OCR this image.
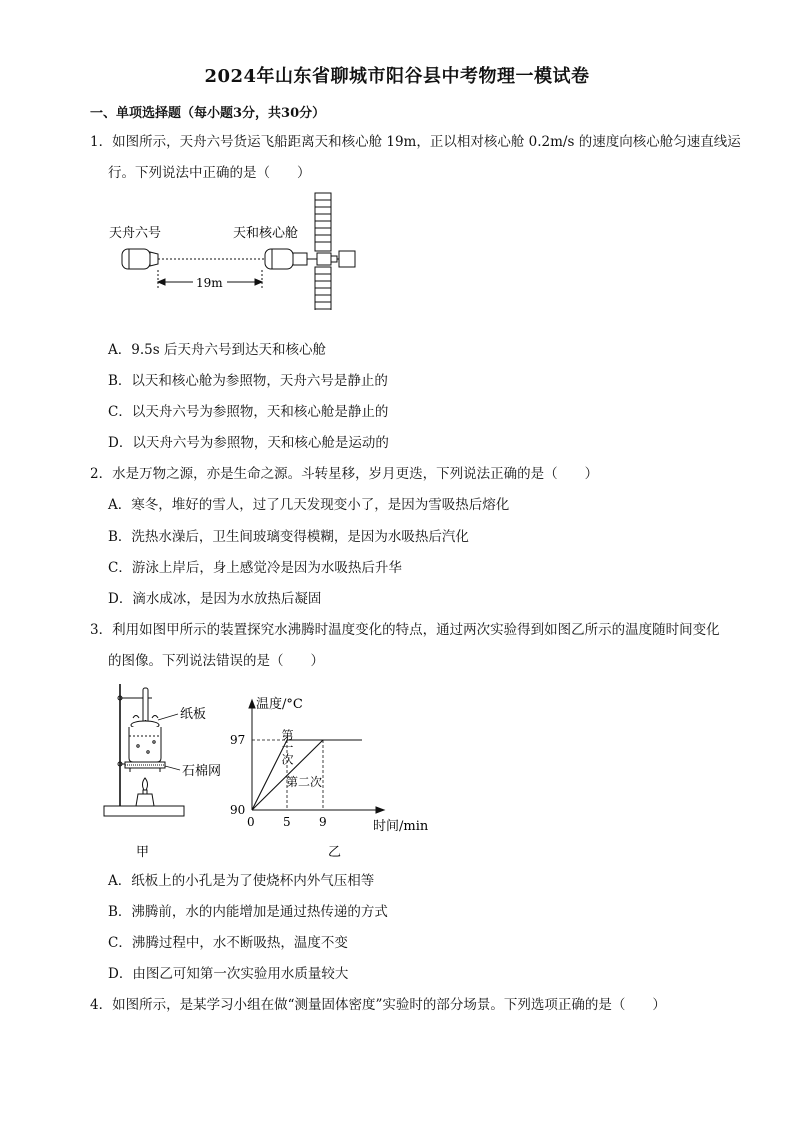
2024年山东省聊城市阳谷县中考物理一模试卷
一、单项选择题（每小题3分，共30分）
1．如图所示，天舟六号货运飞船距离天和核心舱 19m，正以相对核心舱 0.2m/s 的速度向核心舱匀速直线运
行。下列说法中正确的是（　　）
天舟六号	天和核心舱
19m
A．9.5s 后天舟六号到达天和核心舱
B．以天和核心舱为参照物，天舟六号是静止的
C．以天舟六号为参照物，天和核心舱是静止的
D．以天舟六号为参照物，天和核心舱是运动的
2．水是万物之源，亦是生命之源。斗转星移，岁月更迭，下列说法正确的是（　　）
A．寒冬，堆好的雪人，过了几天发现变小了，是因为雪吸热后熔化
B．洗热水澡后，卫生间玻璃变得模糊，是因为水吸热后汽化
C．游泳上岸后，身上感觉冷是因为水吸热后升华
D．滴水成冰，是因为水放热后凝固
3．利用如图甲所示的装置探究水沸腾时温度变化的特点，通过两次实验得到如图乙所示的温度随时间变化
的图像。下列说法错误的是（　　）
纸板
石棉网
甲
温度/°C
时间/min
97
90
0 5 9
第一次
第二次
乙
A．纸板上的小孔是为了使烧杯内外气压相等
B．沸腾前，水的内能增加是通过热传递的方式
C．沸腾过程中，水不断吸热，温度不变
D．由图乙可知第一次实验用水质量较大
4．如图所示，是某学习小组在做“测量固体密度”实验时的部分场景。下列选项正确的是（　　）
